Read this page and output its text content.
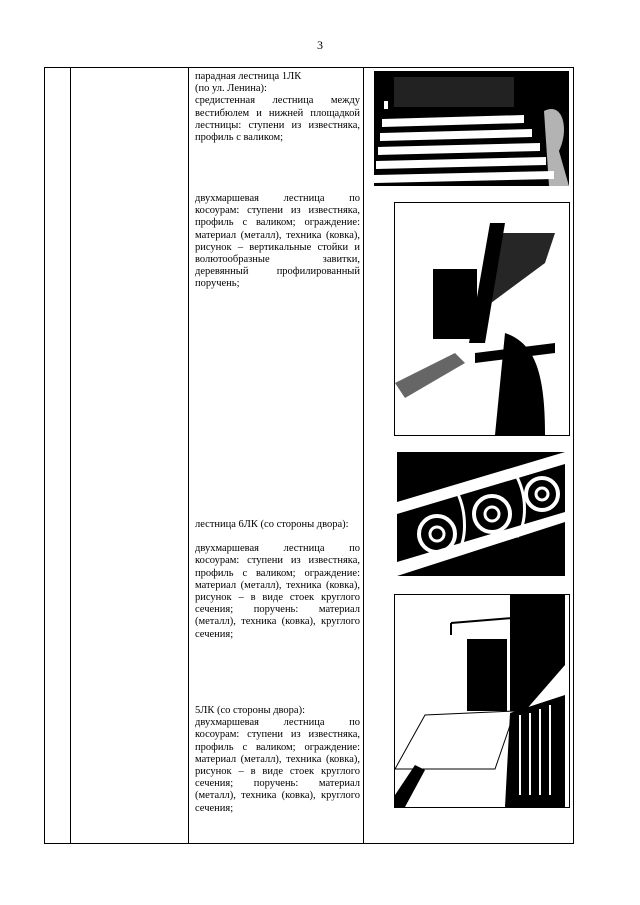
3

парадная лестница 1ЛК

(по ул. Ленина):

средистенная лестница между вестибюлем и нижней площадкой лестницы: ступени из известняка, профиль с валиком;

двухмаршевая лестница по косоурам: ступени из известняка, профиль с валиком; ограждение: материал (металл), техника (ковка), рисунок – вертикальные стойки и волютообразные завитки, деревянный профилированный поручень;

лестница 6ЛК (со стороны двора):

двухмаршевая лестница по косоурам: ступени из известняка, профиль с валиком; ограждение: материал (металл), техника (ковка), рисунок – в виде стоек круглого сечения; поручень: материал (металл), техника (ковка), круглого сечения;

5ЛК (со стороны двора):

двухмаршевая лестница по косоурам: ступени из известняка, профиль с валиком; ограждение: материал (металл), техника (ковка), рисунок – в виде стоек круглого сечения; поручень: материал (металл), техника (ковка), круглого сечения;
